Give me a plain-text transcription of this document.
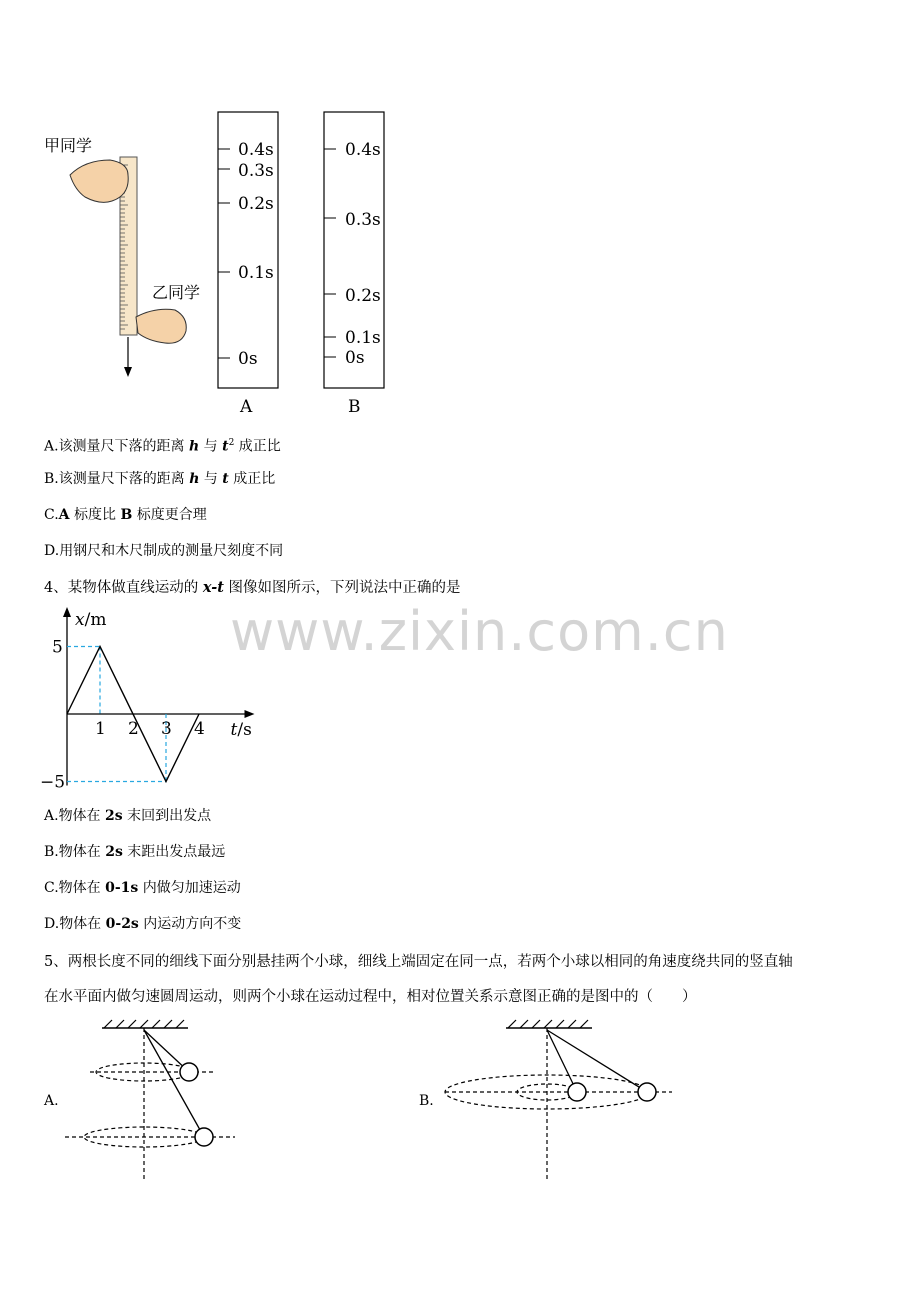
www.zixin.com.cn
甲同学
乙同学
0.4s
0.3s
0.2s
0.1s
0s
A
0.4s
0.3s
0.2s
0.1s
0s
B
A.该测量尺下落的距离 h 与 $t^2$ 成正比
B.该测量尺下落的距离 h 与 t 成正比
C.A 标度比 B 标度更合理
D.用钢尺和木尺制成的测量尺刻度不同
4、某物体做直线运动的 x-t 图像如图所示，下列说法中正确的是
1 2 3 4
5
−5
x/m
t/s
A.物体在 2s 末回到出发点
B.物体在 2s 末距出发点最远
C.物体在 0-1s 内做匀加速运动
D.物体在 0-2s 内运动方向不变
5、两根长度不同的细线下面分别悬挂两个小球，细线上端固定在同一点，若两个小球以相同的角速度绕共同的竖直轴
在水平面内做匀速圆周运动，则两个小球在运动过程中，相对位置关系示意图正确的是图中的（　　）
A.	B.
